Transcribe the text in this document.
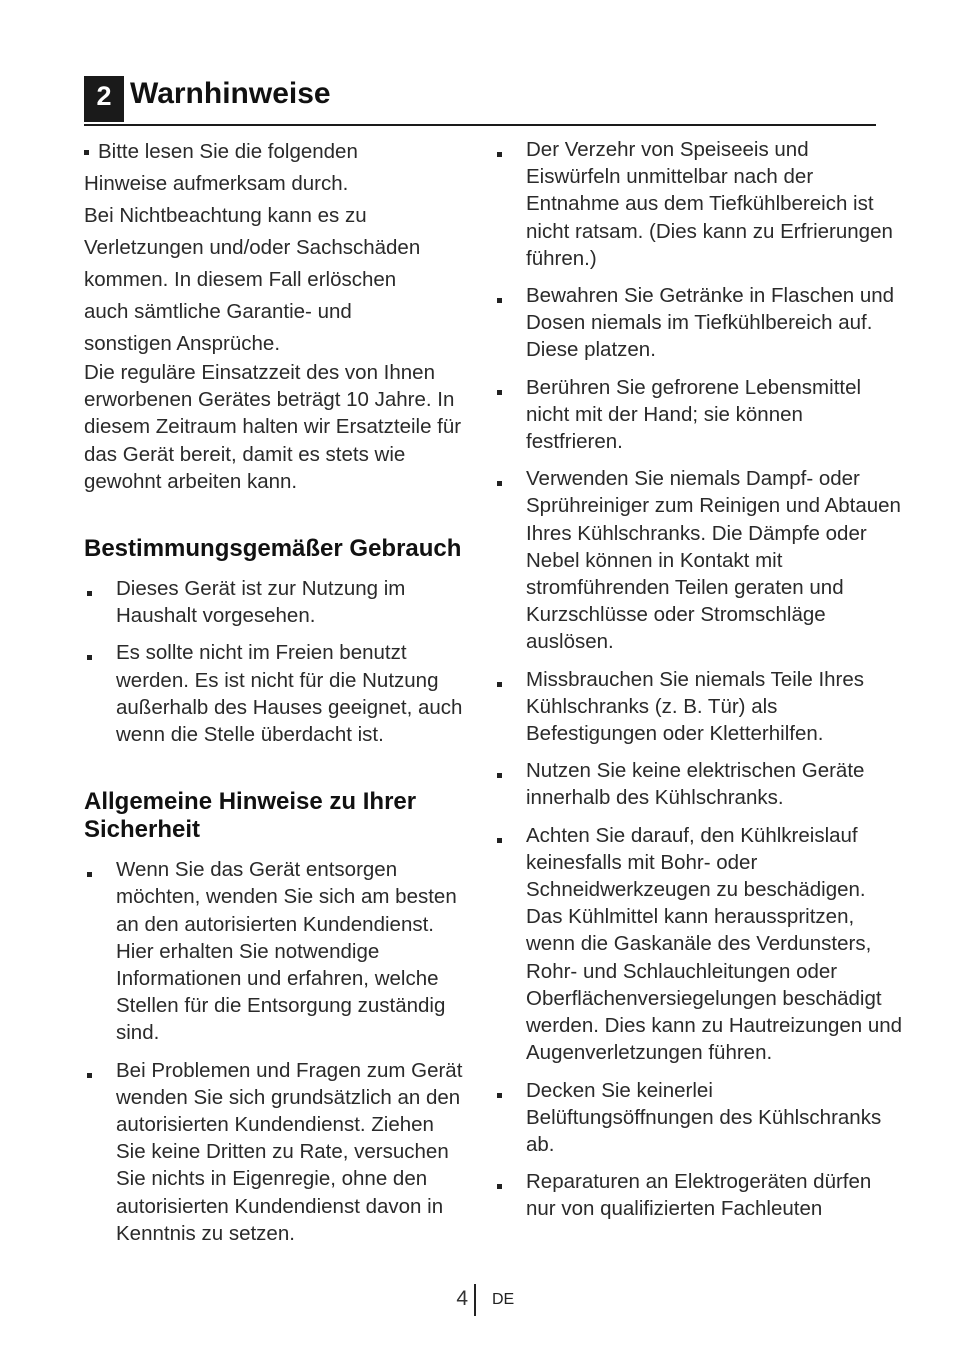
2 Warnhinweise

Bitte lesen Sie die folgenden

Hinweise aufmerksam durch.

Bei Nichtbeachtung kann es zu

Verletzungen und/oder Sachschäden

kommen. In diesem Fall erlöschen

auch sämtliche Garantie- und

sonstigen Ansprüche.

Die reguläre Einsatzzeit des von Ihnen erworbenen Gerätes beträgt 10 Jahre. In diesem Zeitraum halten wir Ersatzteile für das Gerät bereit, damit es stets wie gewohnt arbeiten kann.

Bestimmungsgemäßer Gebrauch
Dieses Gerät ist zur Nutzung im Haushalt vorgesehen.
Es sollte nicht im Freien benutzt werden. Es ist nicht für die Nutzung außerhalb des Hauses geeignet, auch wenn die Stelle überdacht ist.
Allgemeine Hinweise zu Ihrer Sicherheit
Wenn Sie das Gerät entsorgen möchten, wenden Sie sich am besten an den autorisierten Kundendienst. Hier erhalten Sie notwendige Informationen und erfahren, welche Stellen für die Entsorgung zuständig sind.
Bei Problemen und Fragen zum Gerät wenden Sie sich grundsätzlich an den autorisierten Kundendienst. Ziehen Sie keine Dritten zu Rate, versuchen Sie nichts in Eigenregie, ohne den autorisierten Kundendienst davon in Kenntnis zu setzen.
Der Verzehr von Speiseeis und Eiswürfeln unmittelbar nach der Entnahme aus dem Tiefkühlbereich ist nicht ratsam. (Dies kann zu Erfrierungen führen.)
Bewahren Sie Getränke in Flaschen und Dosen niemals im Tiefkühlbereich auf. Diese platzen.
Berühren Sie gefrorene Lebensmittel nicht mit der Hand; sie können festfrieren.
Verwenden Sie niemals Dampf- oder Sprühreiniger zum Reinigen und Abtauen Ihres Kühlschranks. Die Dämpfe oder Nebel können in Kontakt mit stromführenden Teilen geraten und Kurzschlüsse oder Stromschläge auslösen.
Missbrauchen Sie niemals Teile Ihres Kühlschranks (z. B. Tür) als Befestigungen oder Kletterhilfen.
Nutzen Sie keine elektrischen Geräte innerhalb des Kühlschranks.
Achten Sie darauf, den Kühlkreislauf keinesfalls mit Bohr- oder Schneidwerkzeugen zu beschädigen. Das Kühlmittel kann herausspritzen, wenn die Gaskanäle des Verdunsters, Rohr- und Schlauchleitungen oder Oberflächenversiegelungen beschädigt werden. Dies kann zu Hautreizungen und Augenverletzungen führen.
Decken Sie keinerlei Belüftungsöffnungen des Kühlschranks ab.
Reparaturen an Elektrogeräten dürfen nur von qualifizierten Fachleuten
4 DE
